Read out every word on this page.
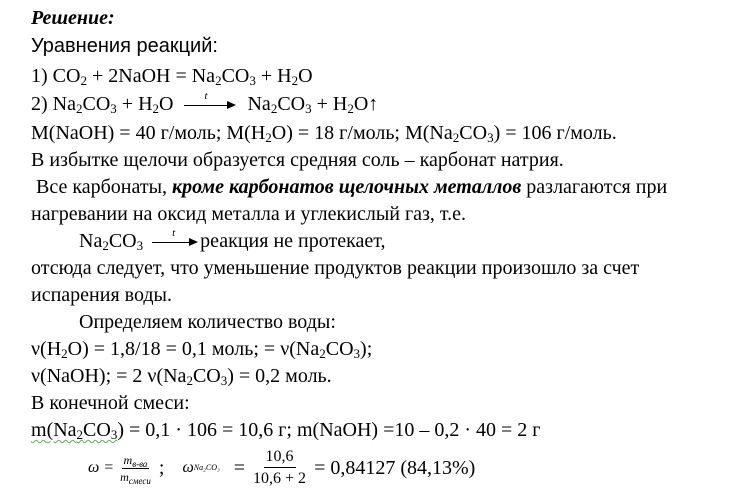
Решение:
Уравнения реакций:
1) $CO_2$ + 2NaOH = $Na_2CO_3 + H_2O$
2) $Na_2CO_3 + H_2O$	t $Na_2CO_3$ + $H_2O↑$
M(NaOH) = 40 г/моль; $M(H_2O) = 18$ г/моль; $M(Na_2CO_3) = 106$ г/моль.
В избытке щелочи образуется средняя соль – карбонат натрия.
Все карбонаты, кроме карбонатов щелочных металлов разлагаются при
нагревании на оксид металла и углекислый газ, т.е.
$Na_2CO_3$
t реакция не протекает,
отсюда следует, что уменьшение продуктов реакции произошло за счет
испарения воды.
Определяем количество воды:
$\nu(H_2O) = 1,8/18 = 0,1$ моль; = $\nu(Na_2CO_3)$;
ν(NaOH); = 2 $\nu(Na_2CO_3) = 0,2$ моль.
В конечной смеси:
$m(Na_2CO_3) = 0,1 \cdot 106 = 10,6$ г; m(NaOH) =10 – 0,2 · 40 = 2 г
$\omega = \frac{m_{в-ва}}{m_{смеси}}$ ; ω $Na_2CO_3 = \frac{10,6}{10,6 + 2} = 0,84127$ (84,13%)
